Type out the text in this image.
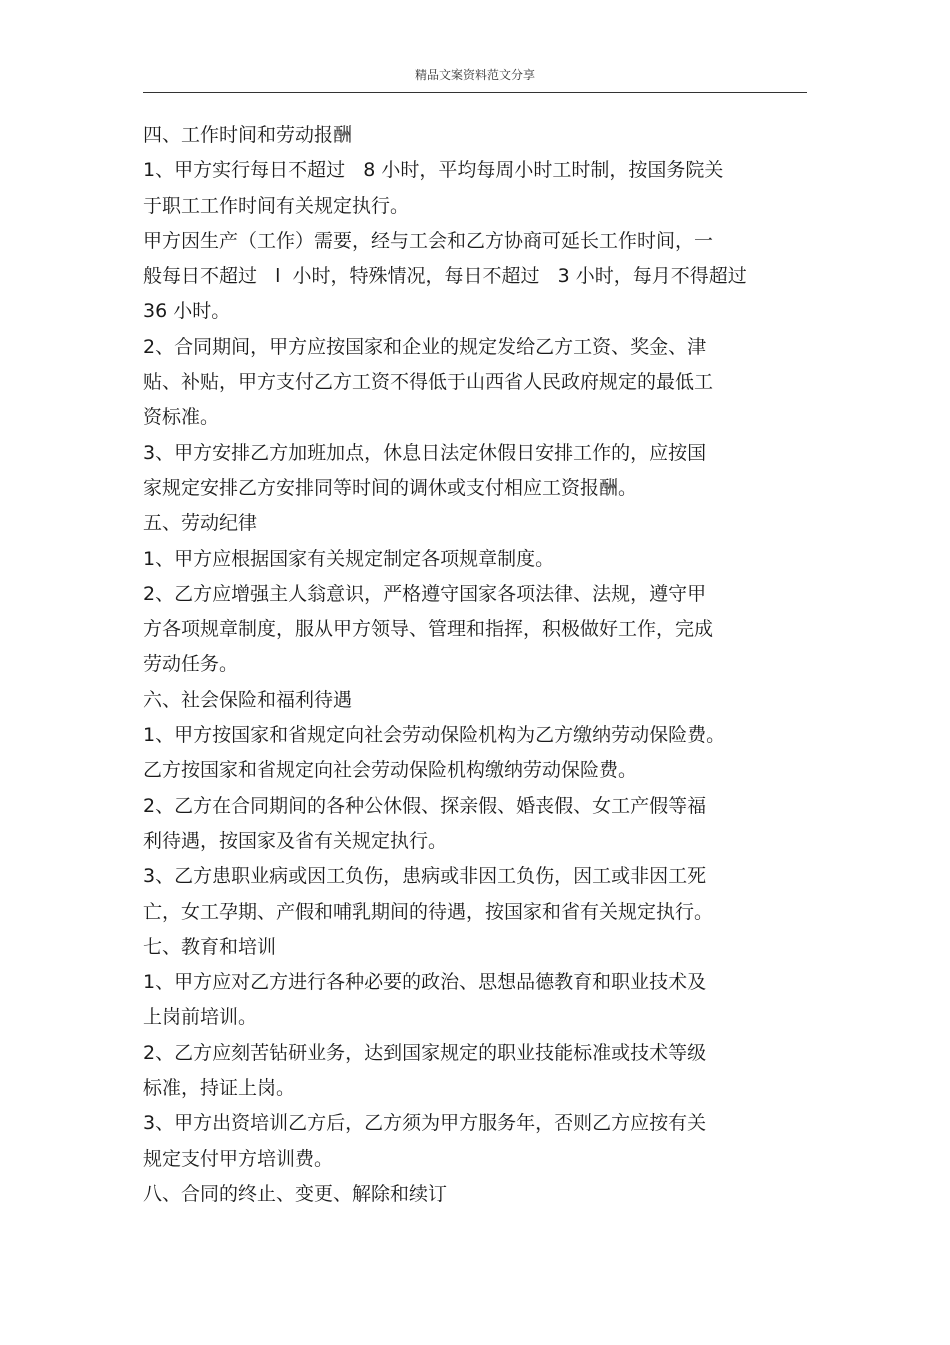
精品文案资料范文分享
四、工作时间和劳动报酬
1、甲方实行每日不超过   8 小时，平均每周小时工时制，按国务院关
于职工工作时间有关规定执行。
甲方因生产（工作）需要，经与工会和乙方协商可延长工作时间，一
般每日不超过   l  小时，特殊情况，每日不超过   3 小时，每月不得超过
36 小时。
2、合同期间，甲方应按国家和企业的规定发给乙方工资、奖金、津
贴、补贴，甲方支付乙方工资不得低于山西省人民政府规定的最低工
资标准。
3、甲方安排乙方加班加点，休息日法定休假日安排工作的，应按国
家规定安排乙方安排同等时间的调休或支付相应工资报酬。
五、劳动纪律
1、甲方应根据国家有关规定制定各项规章制度。
2、乙方应增强主人翁意识，严格遵守国家各项法律、法规，遵守甲
方各项规章制度，服从甲方领导、管理和指挥，积极做好工作，完成
劳动任务。
六、社会保险和福利待遇
1、甲方按国家和省规定向社会劳动保险机构为乙方缴纳劳动保险费。
乙方按国家和省规定向社会劳动保险机构缴纳劳动保险费。
2、乙方在合同期间的各种公休假、探亲假、婚丧假、女工产假等福
利待遇，按国家及省有关规定执行。
3、乙方患职业病或因工负伤，患病或非因工负伤，因工或非因工死
亡，女工孕期、产假和哺乳期间的待遇，按国家和省有关规定执行。
七、教育和培训
1、甲方应对乙方进行各种必要的政治、思想品德教育和职业技术及
上岗前培训。
2、乙方应刻苦钻研业务，达到国家规定的职业技能标准或技术等级
标准，持证上岗。
3、甲方出资培训乙方后，乙方须为甲方服务年，否则乙方应按有关
规定支付甲方培训费。
八、合同的终止、变更、解除和续订
